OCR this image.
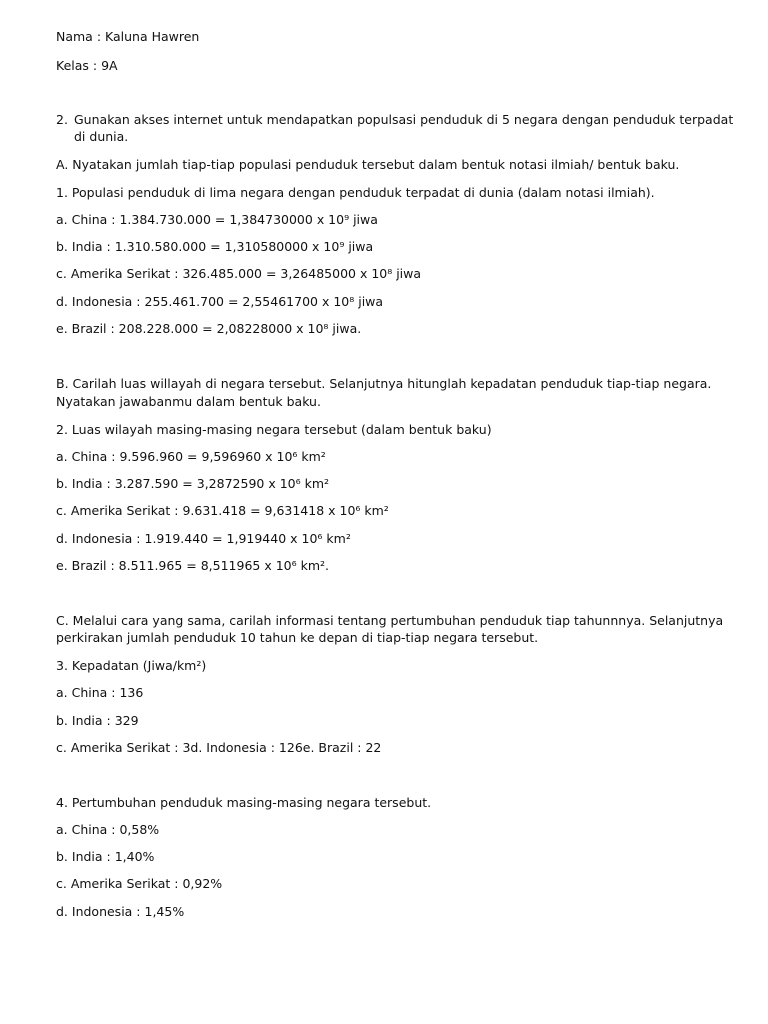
Nama : Kaluna Hawren
Kelas : 9A
2. Gunakan akses internet untuk mendapatkan populsasi penduduk di 5 negara dengan penduduk terpadat
di dunia.
A. Nyatakan jumlah tiap-tiap populasi penduduk tersebut dalam bentuk notasi ilmiah/ bentuk baku.
1. Populasi penduduk di lima negara dengan penduduk terpadat di dunia (dalam notasi ilmiah).
a. China : 1.384.730.000 = 1,384730000 x 10⁹ jiwa
b. India : 1.310.580.000 = 1,310580000 x 10⁹ jiwa
c. Amerika Serikat : 326.485.000 = 3,26485000 x 10⁸ jiwa
d. Indonesia : 255.461.700 = 2,55461700 x 10⁸ jiwa
e. Brazil : 208.228.000 = 2,08228000 x 10⁸ jiwa.
B. Carilah luas willayah di negara tersebut. Selanjutnya hitunglah kepadatan penduduk tiap-tiap negara.
Nyatakan jawabanmu dalam bentuk baku.
2. Luas wilayah masing-masing negara tersebut (dalam bentuk baku)
a. China : 9.596.960 = 9,596960 x 10⁶ km²
b. India : 3.287.590 = 3,2872590 x 10⁶ km²
c. Amerika Serikat : 9.631.418 = 9,631418 x 10⁶ km²
d. Indonesia : 1.919.440 = 1,919440 x 10⁶ km²
e. Brazil : 8.511.965 = 8,511965 x 10⁶ km².
C. Melalui cara yang sama, carilah informasi tentang pertumbuhan penduduk tiap tahunnnya. Selanjutnya
perkirakan jumlah penduduk 10 tahun ke depan di tiap-tiap negara tersebut.
3. Kepadatan (Jiwa/km²)
a. China : 136
b. India : 329
c. Amerika Serikat : 3d. Indonesia : 126e. Brazil : 22
4. Pertumbuhan penduduk masing-masing negara tersebut.
a. China : 0,58%
b. India : 1,40%
c. Amerika Serikat : 0,92%
d. Indonesia : 1,45%
